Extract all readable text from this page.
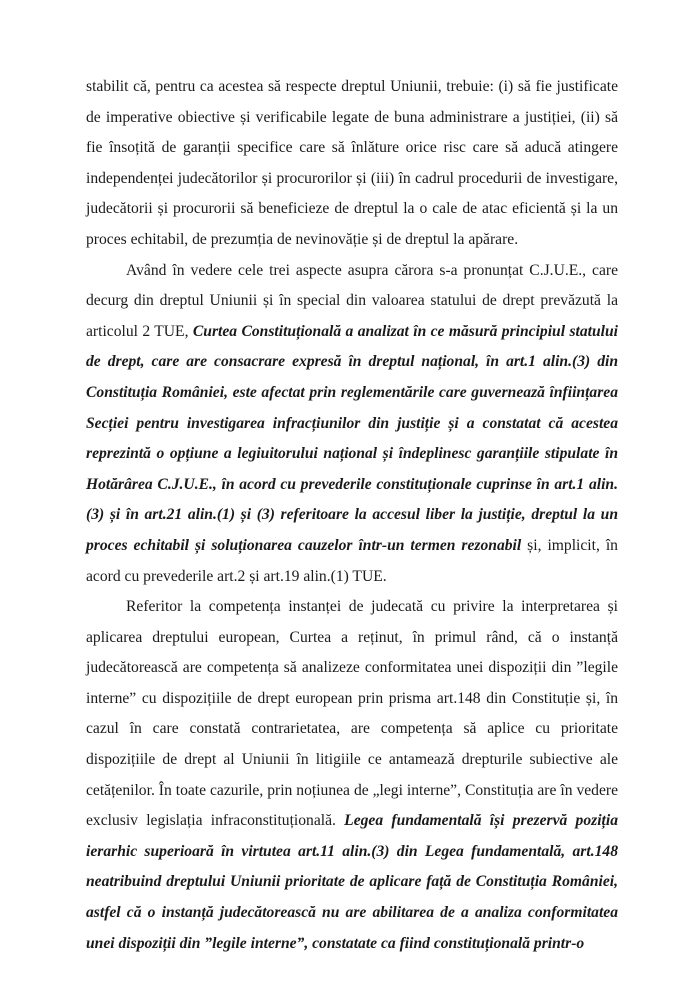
stabilit că, pentru ca acestea să respecte dreptul Uniunii, trebuie: (i) să fie justificate de imperative obiective și verificabile legate de buna administrare a justiției, (ii) să fie însoțită de garanții specifice care să înlăture orice risc care să aducă atingere independenței judecătorilor și procurorilor și (iii) în cadrul procedurii de investigare, judecătorii și procurorii să beneficieze de dreptul la o cale de atac eficientă și la un proces echitabil, de prezumția de nevinovăție și de dreptul la apărare.

Având în vedere cele trei aspecte asupra cărora s-a pronunțat C.J.U.E., care decurg din dreptul Uniunii și în special din valoarea statului de drept prevăzută la articolul 2 TUE, Curtea Constituțională a analizat în ce măsură principiul statului de drept, care are consacrare expresă în dreptul național, în art.1 alin.(3) din Constituția României, este afectat prin reglementările care guvernează înființarea Secției pentru investigarea infracțiunilor din justiție și a constatat că acestea reprezintă o opțiune a legiuitorului național și îndeplinesc garanțiile stipulate în Hotărârea C.J.U.E., în acord cu prevederile constituționale cuprinse în art.1 alin.(3) și în art.21 alin.(1) și (3) referitoare la accesul liber la justiție, dreptul la un proces echitabil și soluționarea cauzelor într-un termen rezonabil și, implicit, în acord cu prevederile art.2 și art.19 alin.(1) TUE.

Referitor la competența instanței de judecată cu privire la interpretarea și aplicarea dreptului european, Curtea a reținut, în primul rând, că o instanță judecătorească are competența să analizeze conformitatea unei dispoziții din ”legile interne” cu dispozițiile de drept european prin prisma art.148 din Constituție și, în cazul în care constată contrarietatea, are competența să aplice cu prioritate dispozițiile de drept al Uniunii în litigiile ce antamează drepturile subiective ale cetățenilor. În toate cazurile, prin noțiunea de „legi interne”, Constituția are în vedere exclusiv legislația infraconstituțională. Legea fundamentală își prezervă poziția ierarhic superioară în virtutea art.11 alin.(3) din Legea fundamentală, art.148 neatribuind dreptului Uniunii prioritate de aplicare față de Constituția României, astfel că o instanță judecătorească nu are abilitarea de a analiza conformitatea unei dispoziții din ”legile interne”, constatate ca fiind constituțională printr-o
